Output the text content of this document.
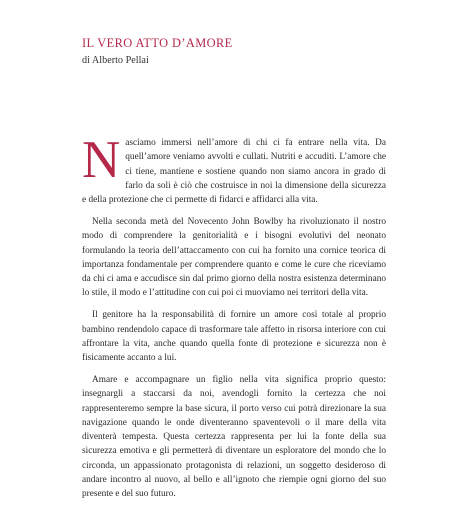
IL VERO ATTO D’AMORE
di Alberto Pellai

Nasciamo immersi nell’amore di chi ci fa entrare nella vita. Da quell’amore veniamo avvolti e cullati. Nutriti e accuditi. L’amore che ci tiene, mantiene e sostiene quando non siamo ancora in grado di farlo da soli è ciò che costruisce in noi la dimensione della sicurezza e della protezione che ci permette di fidarci e affidarci alla vita.

Nella seconda metà del Novecento John Bowlby ha rivoluzionato il nostro modo di comprendere la genitorialità e i bisogni evolutivi del neonato formulando la teoria dell’attaccamento con cui ha fornito una cornice teorica di importanza fondamentale per comprendere quanto e come le cure che riceviamo da chi ci ama e accudisce sin dal primo giorno della nostra esistenza determinano lo stile, il modo e l’attitudine con cui poi ci muoviamo nei territori della vita.

Il genitore ha la responsabilità di fornire un amore così totale al proprio bambino rendendolo capace di trasformare tale affetto in risorsa interiore con cui affrontare la vita, anche quando quella fonte di protezione e sicurezza non è fisicamente accanto a lui.

Amare e accompagnare un figlio nella vita significa proprio questo: insegnargli a staccarsi da noi, avendogli fornito la certezza che noi rappresenteremo sempre la base sicura, il porto verso cui potrà direzionare la sua navigazione quando le onde diventeranno spaventevoli o il mare della vita diventerà tempesta. Questa certezza rappresenta per lui la fonte della sua sicurezza emotiva e gli permetterà di diventare un esploratore del mondo che lo circonda, un appassionato protagonista di relazioni, un soggetto desideroso di andare incontro al nuovo, al bello e all’ignoto che riempie ogni giorno del suo presente e del suo futuro.
